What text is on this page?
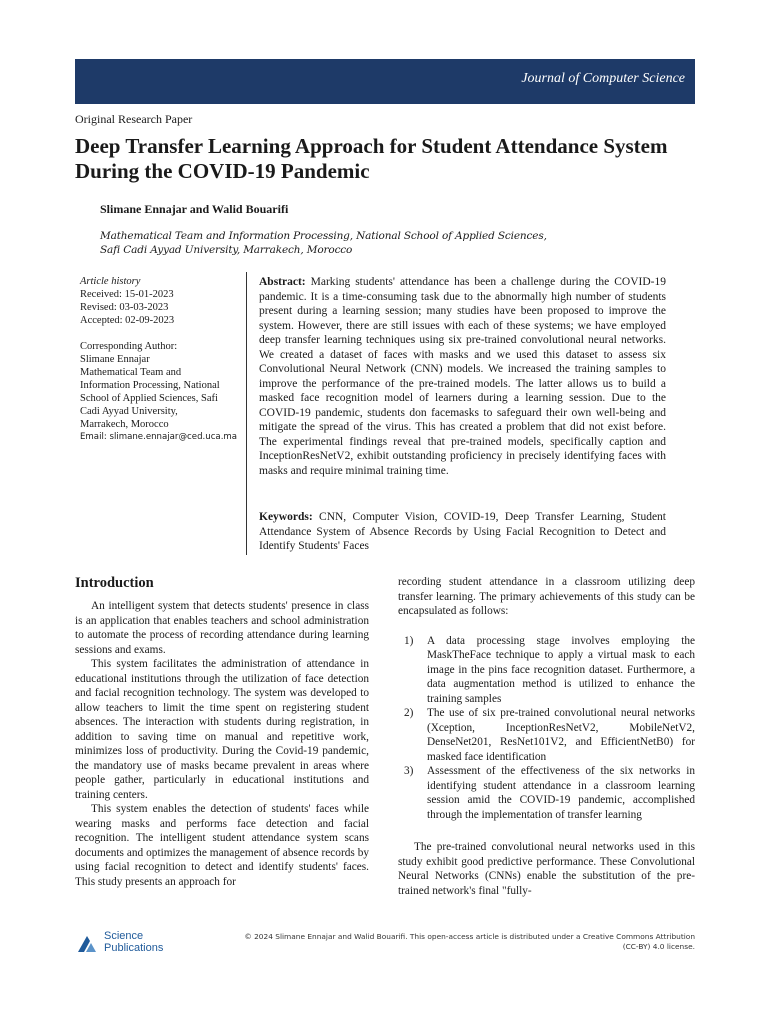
Journal of Computer Science
Original Research Paper
Deep Transfer Learning Approach for Student Attendance System During the COVID-19 Pandemic
Slimane Ennajar and Walid Bouarifi
Mathematical Team and Information Processing, National School of Applied Sciences,
Safi Cadi Ayyad University, Marrakech, Morocco
Article history
Received: 15-01-2023
Revised: 03-03-2023
Accepted: 02-09-2023
Corresponding Author:
Slimane Ennajar
Mathematical Team and
Information Processing, National
School of Applied Sciences, Safi
Cadi Ayyad University,
Marrakech, Morocco
Email: slimane.ennajar@ced.uca.ma
Abstract: Marking students' attendance has been a challenge during the COVID-19 pandemic. It is a time-consuming task due to the abnormally high number of students present during a learning session; many studies have been proposed to improve the system. However, there are still issues with each of these systems; we have employed deep transfer learning techniques using six pre-trained convolutional neural networks. We created a dataset of faces with masks and we used this dataset to assess six Convolutional Neural Network (CNN) models. We increased the training samples to improve the performance of the pre-trained models. The latter allows us to build a masked face recognition model of learners during a learning session. Due to the COVID-19 pandemic, students don facemasks to safeguard their own well-being and mitigate the spread of the virus. This has created a problem that did not exist before. The experimental findings reveal that pre-trained models, specifically caption and InceptionResNetV2, exhibit outstanding proficiency in precisely identifying faces with masks and require minimal training time.
Keywords: CNN, Computer Vision, COVID-19, Deep Transfer Learning, Student Attendance System of Absence Records by Using Facial Recognition to Detect and Identify Students' Faces
Introduction

An intelligent system that detects students' presence in class is an application that enables teachers and school administration to automate the process of recording attendance during learning sessions and exams.

This system facilitates the administration of attendance in educational institutions through the utilization of face detection and facial recognition technology. The system was developed to allow teachers to limit the time spent on registering student absences. The interaction with students during registration, in addition to saving time on manual and repetitive work, minimizes loss of productivity. During the Covid-19 pandemic, the mandatory use of masks became prevalent in areas where people gather, particularly in educational institutions and training centers.

This system enables the detection of students' faces while wearing masks and performs face detection and facial recognition. The intelligent student attendance system scans documents and optimizes the management of absence records by using facial recognition to detect and identify students' faces. This study presents an approach for

recording student attendance in a classroom utilizing deep transfer learning. The primary achievements of this study can be encapsulated as follows:

1) A data processing stage involves employing the MaskTheFace technique to apply a virtual mask to each image in the pins face recognition dataset. Furthermore, a data augmentation method is utilized to enhance the training samples
2) The use of six pre-trained convolutional neural networks (Xception, InceptionResNetV2, MobileNetV2, DenseNet201, ResNet101V2, and EfficientNetB0) for masked face identification
3) Assessment of the effectiveness of the six networks in identifying student attendance in a classroom learning session amid the COVID-19 pandemic, accomplished through the implementation of transfer learning

The pre-trained convolutional neural networks used in this study exhibit good predictive performance. These Convolutional Neural Networks (CNNs) enable the substitution of the pre-trained network's final "fully-

Science
Publications
© 2024 Slimane Ennajar and Walid Bouarifi. This open-access article is distributed under a Creative Commons Attribution
(CC-BY) 4.0 license.
